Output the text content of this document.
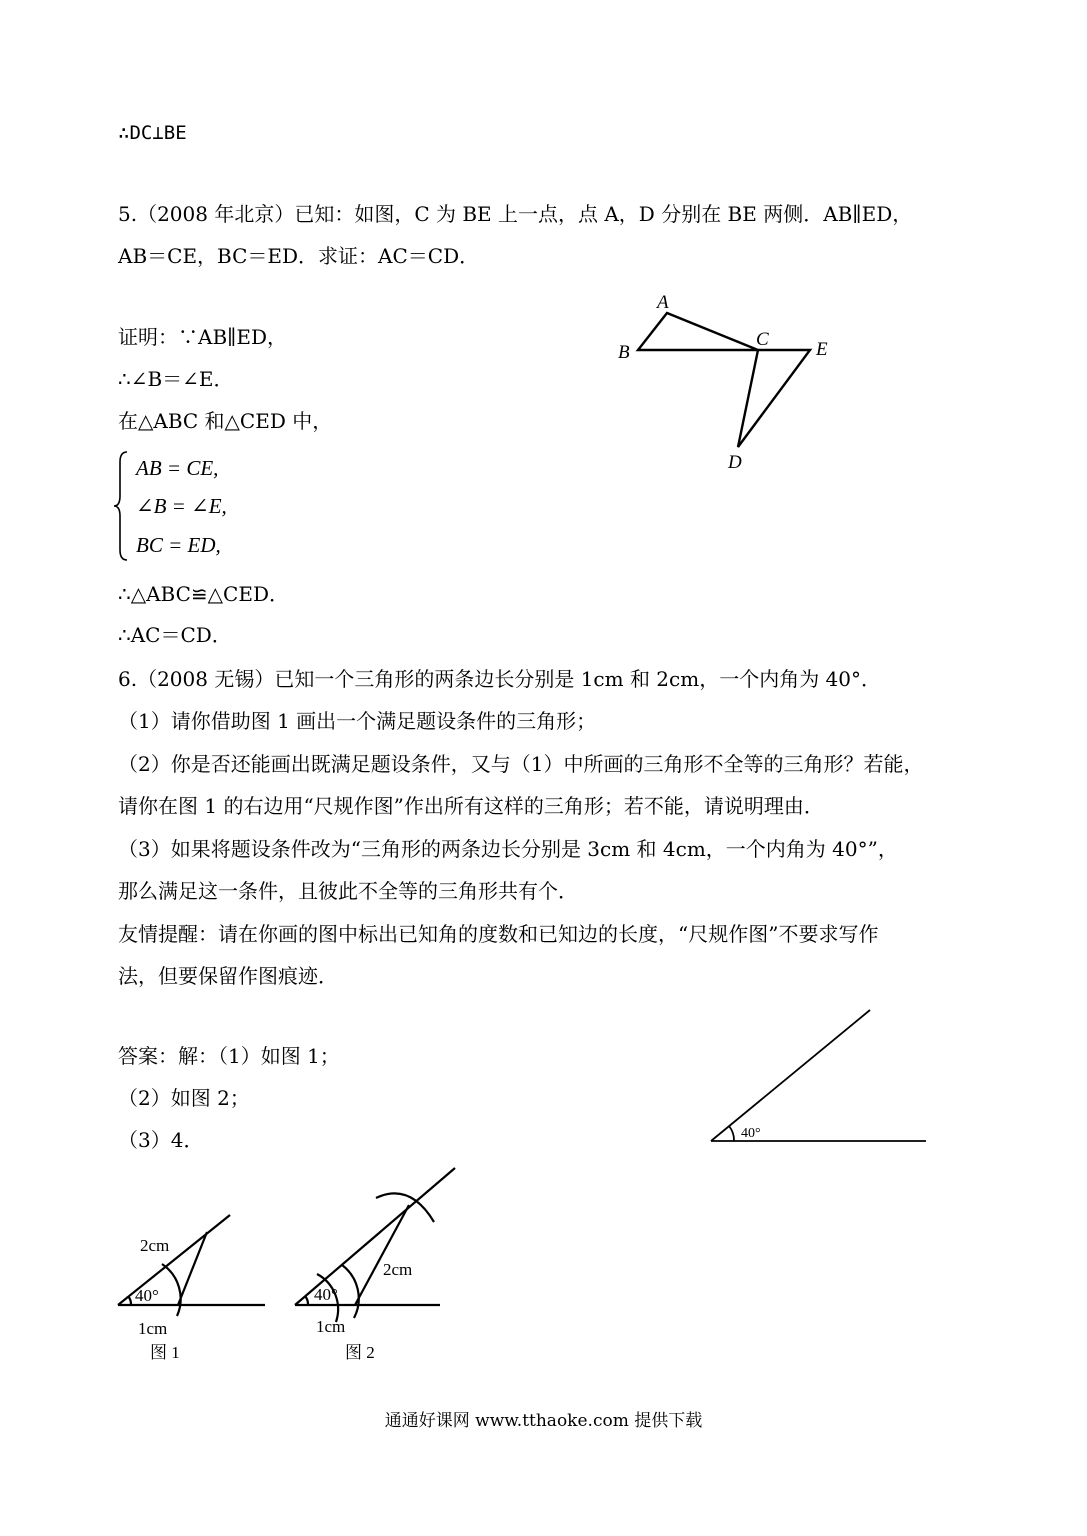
∴DC⊥BE
5.（2008 年北京）已知：如图，C 为 BE 上一点，点 A，D 分别在 BE 两侧．AB∥ED，
AB＝CE，BC＝ED．求证：AC＝CD．
证明：∵AB∥ED，
∴∠B＝∠E．
在△ABC 和△CED 中，
AB = CE,
∠B = ∠E,
BC = ED,
∴△ABC≌△CED．
∴AC＝CD．
6.（2008 无锡）已知一个三角形的两条边长分别是 1cm 和 2cm，一个内角为 40°．
（1）请你借助图 1 画出一个满足题设条件的三角形；
（2）你是否还能画出既满足题设条件，又与（1）中所画的三角形不全等的三角形？若能，
请你在图 1 的右边用“尺规作图”作出所有这样的三角形；若不能，请说明理由．
（3）如果将题设条件改为“三角形的两条边长分别是 3cm 和 4cm，一个内角为 40°”，
那么满足这一条件，且彼此不全等的三角形共有个．
友情提醒：请在你画的图中标出已知角的度数和已知边的长度，“尺规作图”不要求写作
法，但要保留作图痕迹．
答案：解：（1）如图 1；
（2）如图 2；
（3）4．
A
B
C E
D
40°
2cm
40°
1cm
图 1
2cm
40°
1cm
图 2
通通好课网 www.tthaoke.com 提供下载
